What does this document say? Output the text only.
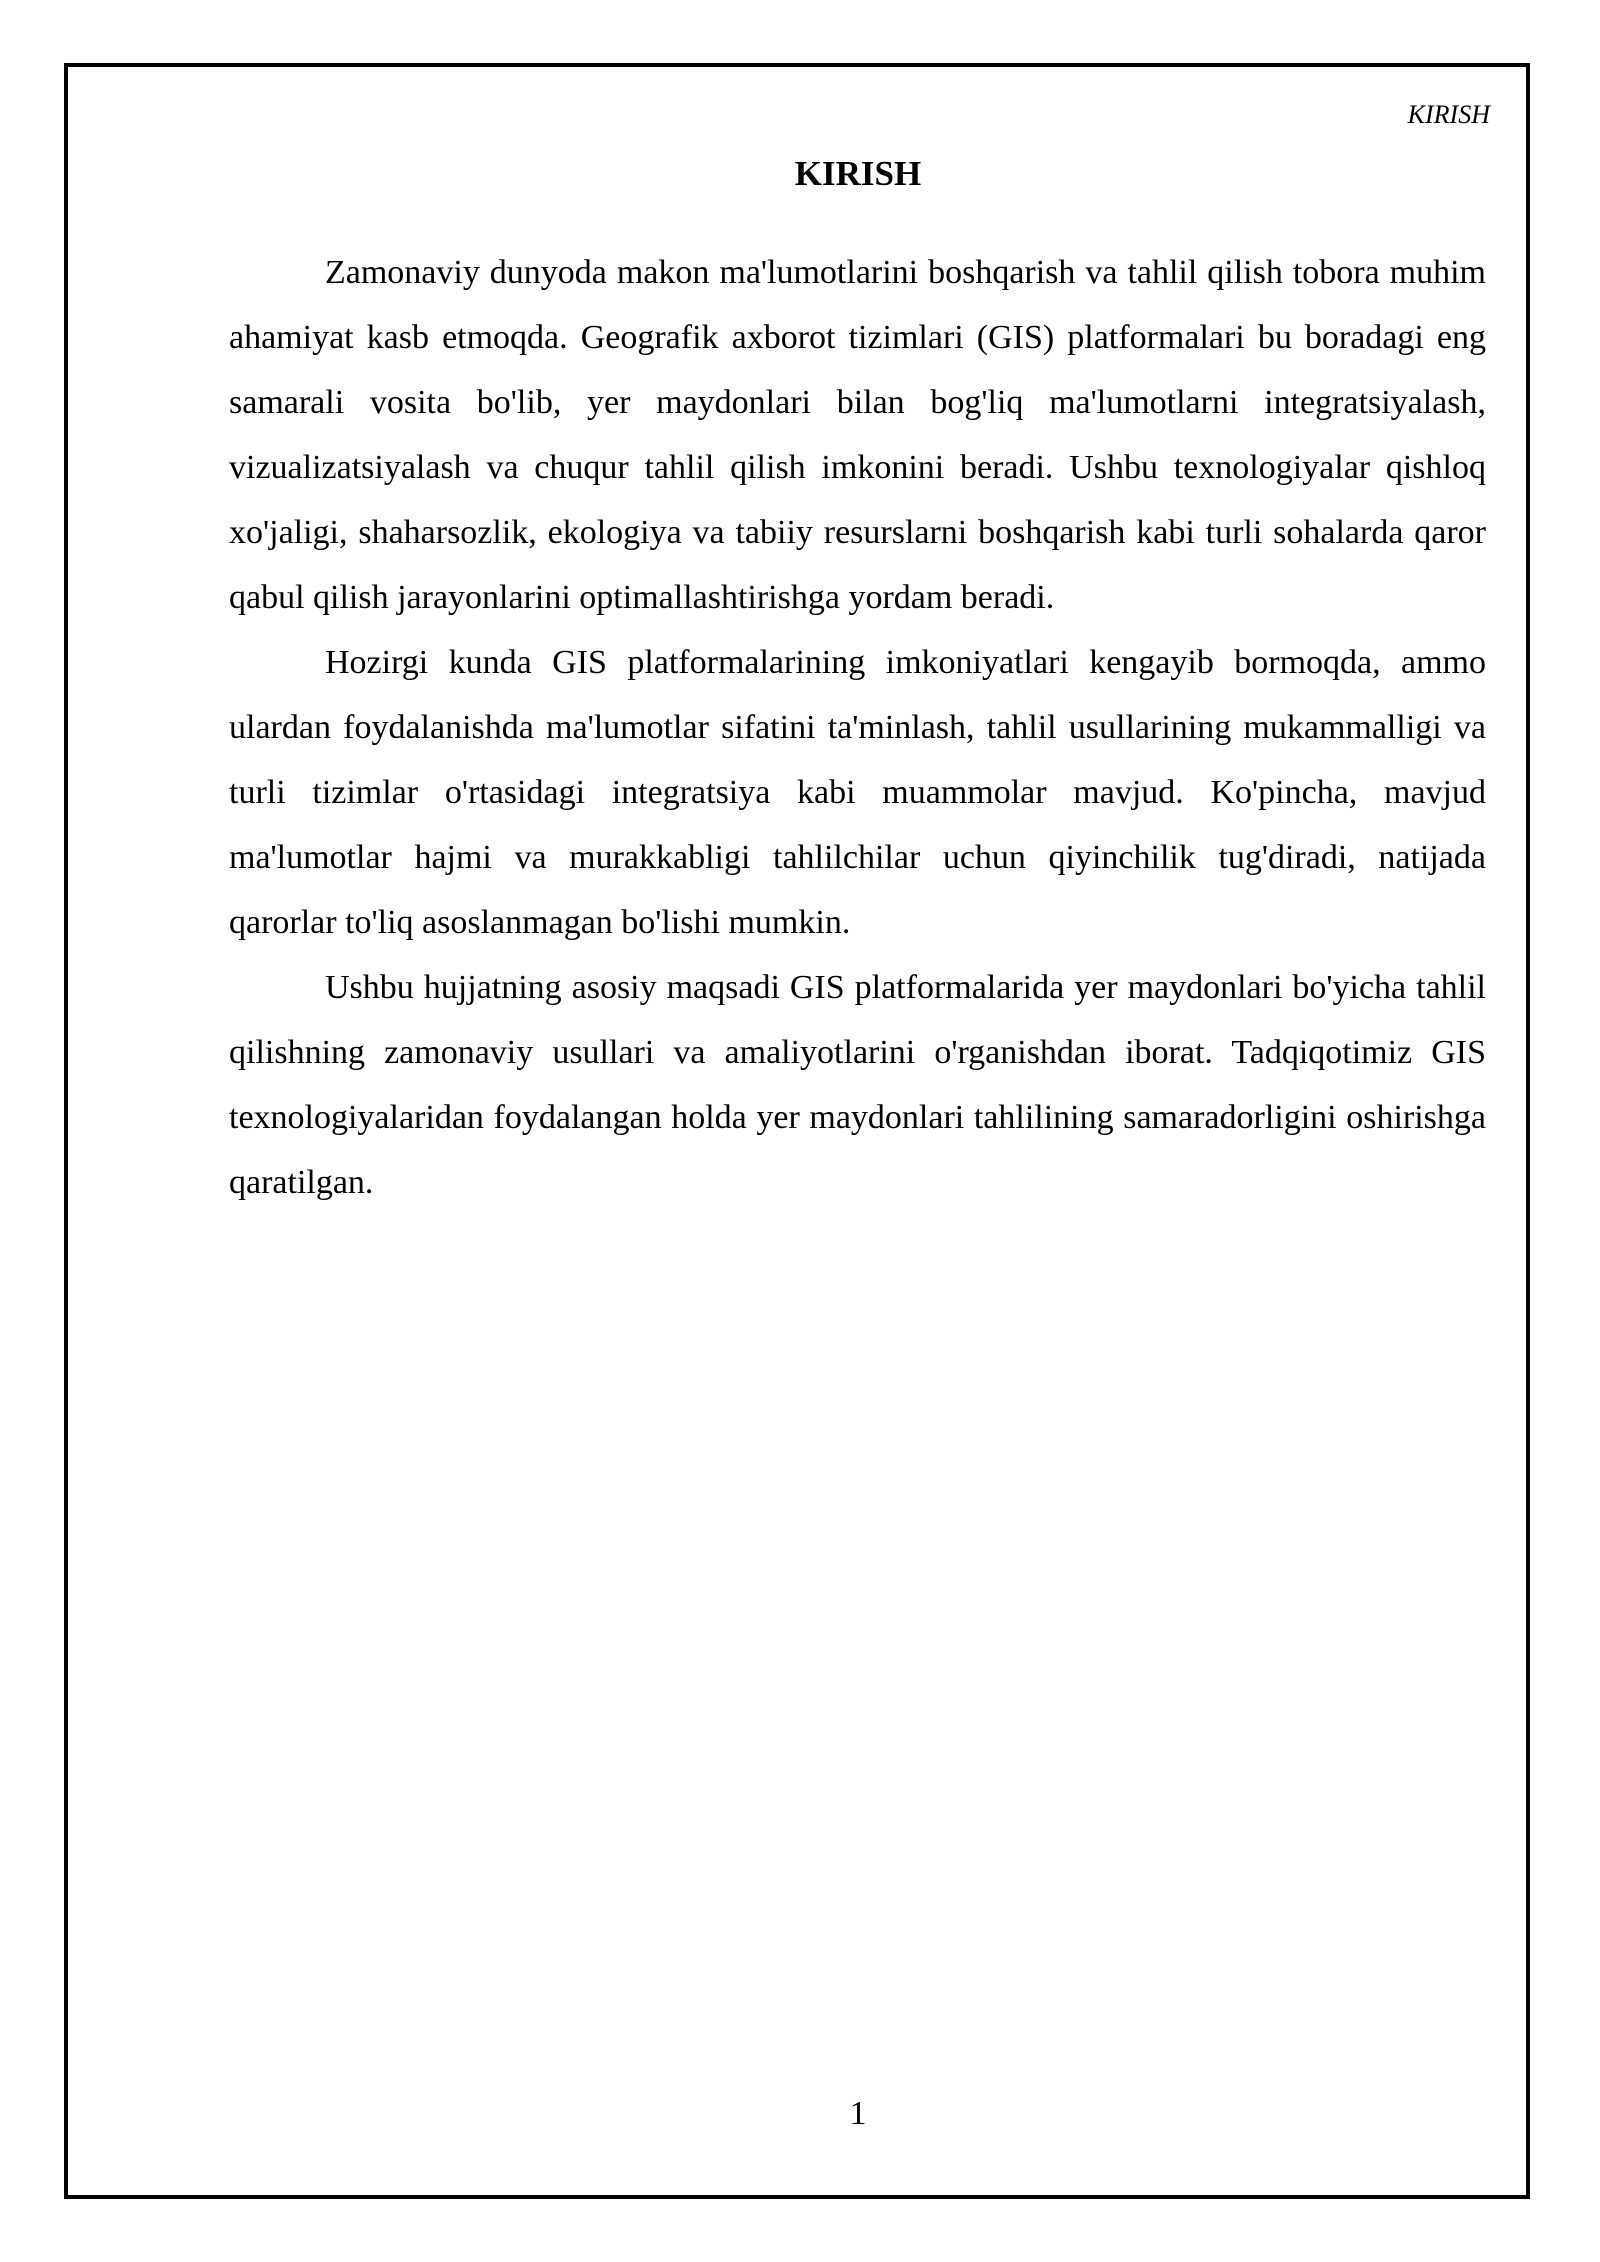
KIRISH
KIRISH

Zamonaviy dunyoda makon ma'lumotlarini boshqarish va tahlil qilish tobora muhim ahamiyat kasb etmoqda. Geografik axborot tizimlari (GIS) platformalari bu boradagi eng samarali vosita bo'lib, yer maydonlari bilan bog'liq ma'lumotlarni integratsiyalash, vizualizatsiyalash va chuqur tahlil qilish imkonini beradi. Ushbu texnologiyalar qishloq xo'jaligi, shaharsozlik, ekologiya va tabiiy resurslarni boshqarish kabi turli sohalarda qaror qabul qilish jarayonlarini optimallashtirishga yordam beradi.

Hozirgi kunda GIS platformalarining imkoniyatlari kengayib bormoqda, ammo ulardan foydalanishda ma'lumotlar sifatini ta'minlash, tahlil usullarining mukammalligi va turli tizimlar o'rtasidagi integratsiya kabi muammolar mavjud. Ko'pincha, mavjud ma'lumotlar hajmi va murakkabligi tahlilchilar uchun qiyinchilik tug'diradi, natijada qarorlar to'liq asoslanmagan bo'lishi mumkin.

Ushbu hujjatning asosiy maqsadi GIS platformalarida yer maydonlari bo'yicha tahlil qilishning zamonaviy usullari va amaliyotlarini o'rganishdan iborat. Tadqiqotimiz GIS texnologiyalaridan foydalangan holda yer maydonlari tahlilining samaradorligini oshirishga qaratilgan.

1
